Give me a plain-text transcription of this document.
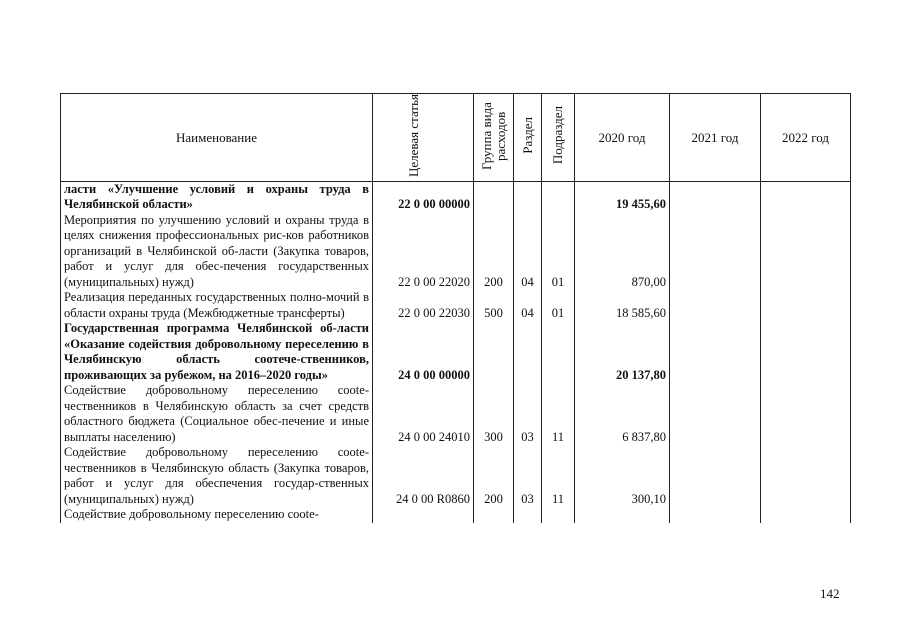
Наименование	Целевая статья	Группа вида расходов	Раздел	Подраздел	2020 год	2021 год	2022 год
ласти «Улучшение условий и охраны труда в Челябинской области»	22 0 00 00000				19 455,60		
Мероприятия по улучшению условий и охраны труда в целях снижения профессиональных рис-ков работников организаций в Челябинской об-ласти (Закупка товаров, работ и услуг для обес-печения государственных (муниципальных) нужд)	22 0 00 22020	200	04	01	870,00		
Реализация переданных государственных полно-мочий в области охраны труда (Межбюджетные трансферты)	22 0 00 22030	500	04	01	18 585,60		
Государственная программа Челябинской об-ласти «Оказание содействия добровольному переселению в Челябинскую область соотече-ственников, проживающих за рубежом, на 2016–2020 годы»	24 0 00 00000				20 137,80		
Содействие добровольному переселению соote-чественников в Челябинскую область за счет средств областного бюджета (Социальное обес-печение и иные выплаты населению)	24 0 00 24010	300	03	11	6 837,80		
Содействие добровольному переселению соote-чественников в Челябинскую область (Закупка товаров, работ и услуг для обеспечения государ-ственных (муниципальных) нужд)	24 0 00 R0860	200	03	11	300,10		
Содействие добровольному переселению соote-							
142
